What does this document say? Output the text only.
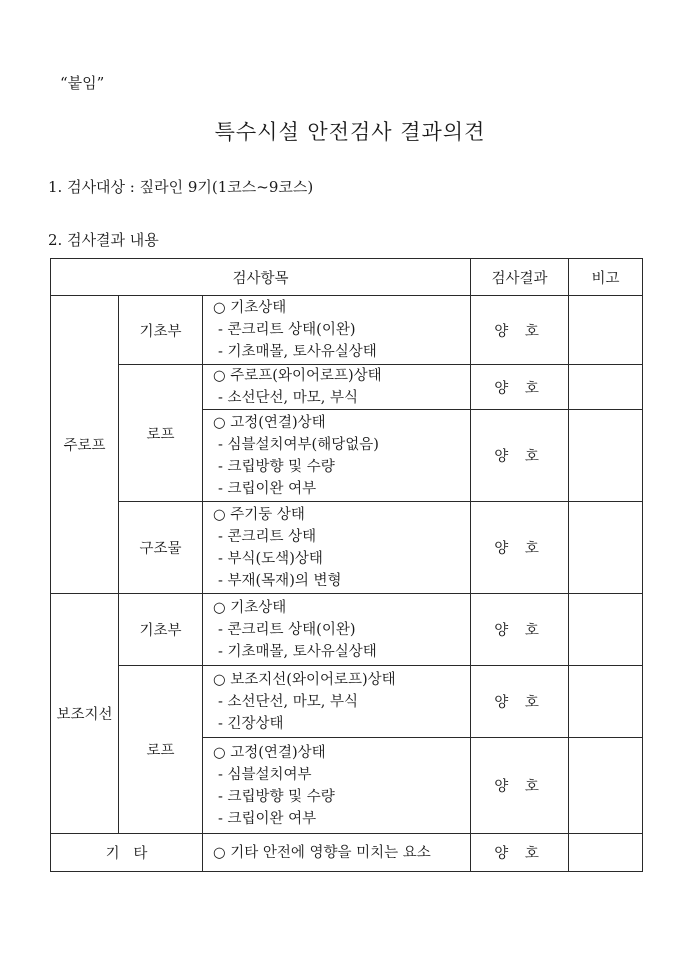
“붙임”
특수시설 안전검사 결과의견
1. 검사대상 : 짚라인 9기(1코스~9코스)
2. 검사결과 내용
검사항목			검사결과	비고
주로프	기초부	○ 기초상태
- 콘크리트 상태(이완)
- 기초매몰, 토사유실상태	양 호	
	로프	○ 주로프(와이어로프)상태
- 소선단선, 마모, 부식	양 호	

		○ 고정(연결)상태
- 심블설치여부(해당없음)
- 크립방향 및 수량
- 크립이완 여부	양 호	
	구조물	○ 주기둥 상태
- 콘크리트 상태
- 부식(도색)상태
- 부재(목재)의 변형	양 호	
보조지선	기초부	○ 기초상태
- 콘크리트 상태(이완)
- 기초매몰, 토사유실상태	양 호	
	로프	○ 보조지선(와이어로프)상태
- 소선단선, 마모, 부식
- 긴장상태	양 호	

		○ 고정(연결)상태
- 심블설치여부
- 크립방향 및 수량
- 크립이완 여부	양 호	
기   타		○ 기타 안전에 영향을 미치는 요소	양 호	
